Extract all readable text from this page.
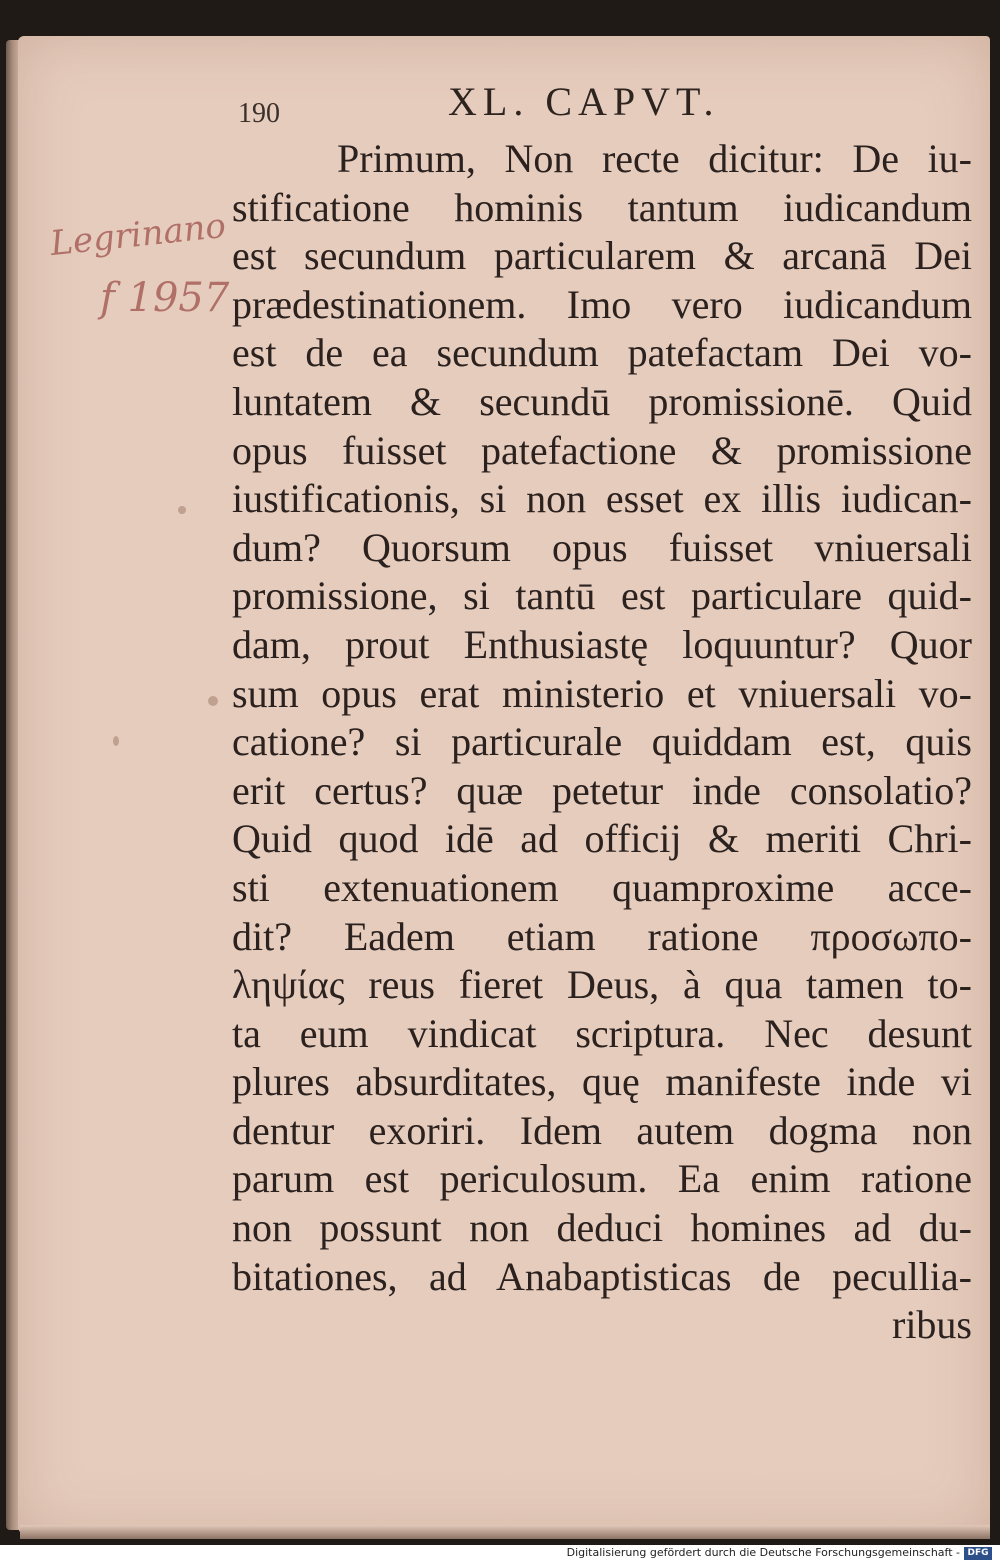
190	XL. CAPVT.
Legrinano
f 1957
Primum, Non recte dicitur: De iu‐
stificatione hominis tantum iudicandum
est secundum particularem & arcanā Dei
prædestinationem. Imo vero iudicandum
est de ea secundum patefactam Dei vo‐
luntatem & secundū promissionē. Quid
opus fuisset patefactione & promissione
iustificationis, si non esset ex illis iudican‐
dum? Quorsum opus fuisset vniuersali
promissione, si tantū est particulare quid‐
dam, prout Enthusiastę loquuntur? Quor
sum opus erat ministerio et vniuersali vo‐
catione? si particurale quiddam est, quis
erit certus? quæ petetur inde consolatio?
Quid quod idē ad officij & meriti Chri‐
sti extenuationem quamproxime acce‐
dit? Eadem etiam ratione προσωπο‐
ληψίας reus fieret Deus, à qua tamen to‐
ta eum vindicat scriptura. Nec desunt
plures absurditates, quę manifeste inde vi
dentur exoriri. Idem autem dogma non
parum est periculosum. Ea enim ratione
non possunt non deduci homines ad du‐
bitationes, ad Anabaptisticas de pecullia‐
ribus
Digitalisierung gefördert durch die Deutsche Forschungsgemeinschaft ‐ DFG
